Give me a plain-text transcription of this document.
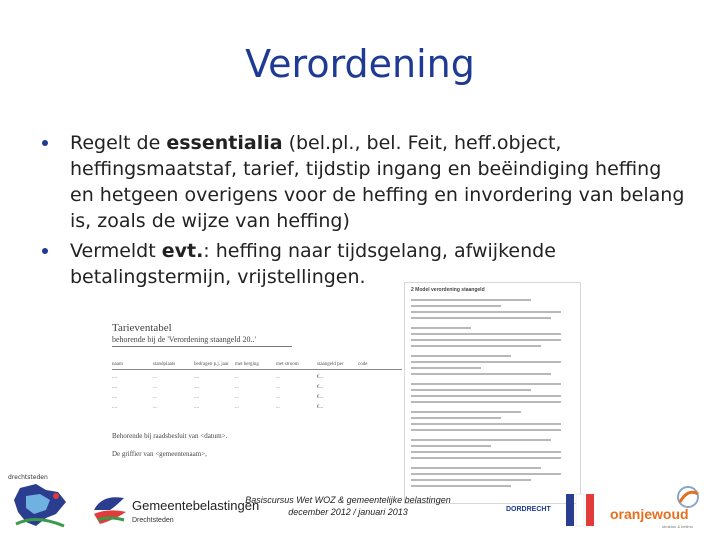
Verordening
Regelt de essentialia (bel.pl., bel. Feit, heff.object, heffingsmaatstaf, tarief, tijdstip ingang en beëindiging heffing en hetgeen overigens voor de heffing en invordering van belang is, zoals de wijze van heffing)
Vermeldt evt.: heffing naar tijdsgelang, afwijkende betalingstermijn, vrijstellingen.
2 Model verordening staangeld
Tarieventabel
behorende bij de 'Verordening staangeld 20..'
naam	standplaats	bedragen p.j. jaar	met berging	met stroom	staangeld per	code
....	...	....	...	...	€...
....	...	....	...	...	€...
....	...	....	...	...	€...
....	...	....	...	...	€...
Behorende bij raadsbesluit van <datum>.
De griffier van <gemeentenaam>,
drechtsteden
Gemeentebelastingen
Drechtsteden
Basiscursus Wet WOZ & gemeentelijke belastingen
december 2012 / januari 2013	DORDRECHT	oranjewoud
strukton & bellmo
